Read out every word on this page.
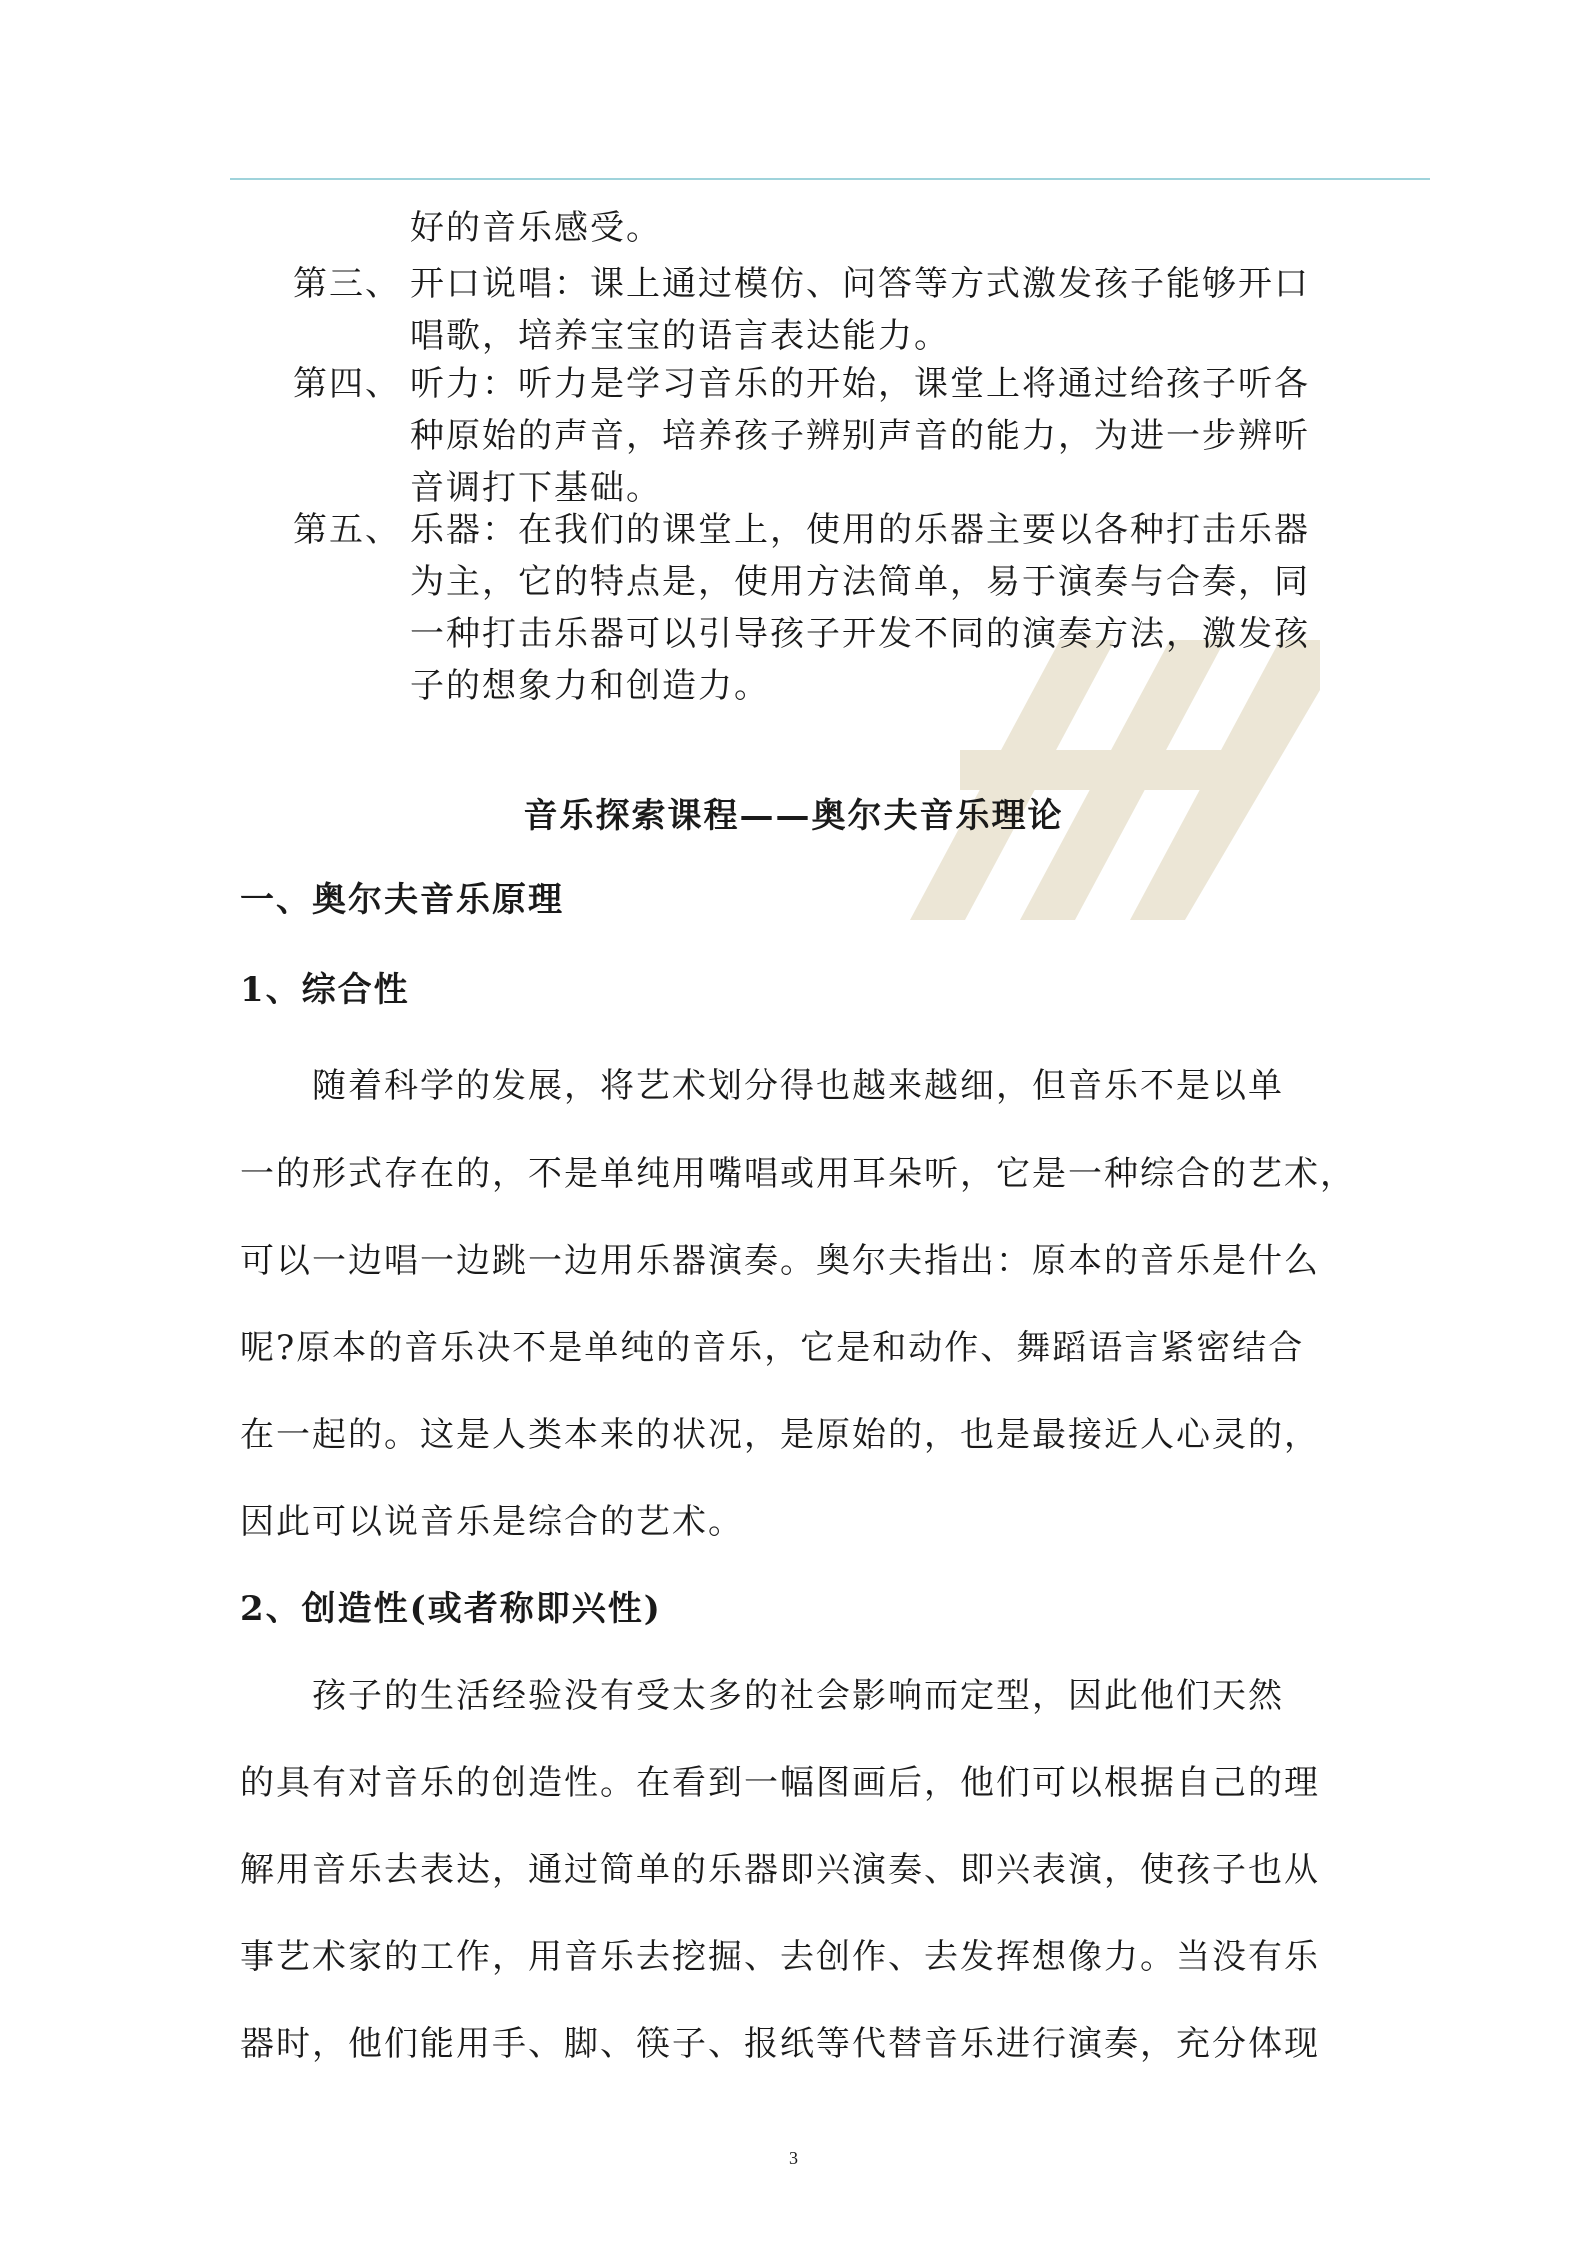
好的音乐感受。
第三、 开口说唱：课上通过模仿、问答等方式激发孩子能够开口
唱歌，培养宝宝的语言表达能力。
第四、 听力：听力是学习音乐的开始，课堂上将通过给孩子听各
种原始的声音，培养孩子辨别声音的能力，为进一步辨听
音调打下基础。
第五、 乐器：在我们的课堂上，使用的乐器主要以各种打击乐器
为主，它的特点是，使用方法简单，易于演奏与合奏，同
一种打击乐器可以引导孩子开发不同的演奏方法，激发孩
子的想象力和创造力。
音乐探索课程——奥尔夫音乐理论
一、奥尔夫音乐原理
1、综合性
　　随着科学的发展，将艺术划分得也越来越细，但音乐不是以单
一的形式存在的，不是单纯用嘴唱或用耳朵听，它是一种综合的艺术，
可以一边唱一边跳一边用乐器演奏。奥尔夫指出：原本的音乐是什么
呢?原本的音乐决不是单纯的音乐，它是和动作、舞蹈语言紧密结合
在一起的。这是人类本来的状况，是原始的，也是最接近人心灵的，
因此可以说音乐是综合的艺术。
2、创造性(或者称即兴性)
　　孩子的生活经验没有受太多的社会影响而定型，因此他们天然
的具有对音乐的创造性。在看到一幅图画后，他们可以根据自己的理
解用音乐去表达，通过简单的乐器即兴演奏、即兴表演，使孩子也从
事艺术家的工作，用音乐去挖掘、去创作、去发挥想像力。当没有乐
器时，他们能用手、脚、筷子、报纸等代替音乐进行演奏，充分体现
3
